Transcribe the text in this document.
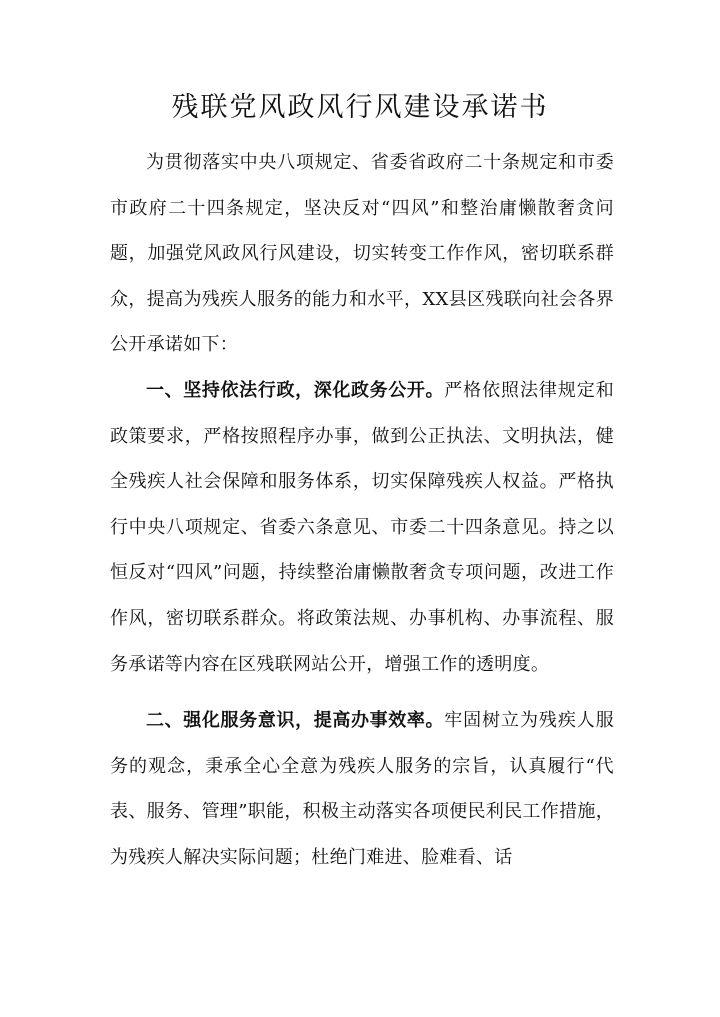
残联党风政风行风建设承诺书

为贯彻落实中央八项规定、省委省政府二十条规定和市委市政府二十四条规定，坚决反对“四风”和整治庸懒散奢贪问题，加强党风政风行风建设，切实转变工作作风，密切联系群众，提高为残疾人服务的能力和水平，XX县区残联向社会各界公开承诺如下：

一、坚持依法行政，深化政务公开。严格依照法律规定和政策要求，严格按照程序办事，做到公正执法、文明执法，健全残疾人社会保障和服务体系，切实保障残疾人权益。严格执行中央八项规定、省委六条意见、市委二十四条意见。持之以恒反对“四风”问题，持续整治庸懒散奢贪专项问题，改进工作作风，密切联系群众。将政策法规、办事机构、办事流程、服务承诺等内容在区残联网站公开，增强工作的透明度。

二、强化服务意识，提高办事效率。牢固树立为残疾人服务的观念，秉承全心全意为残疾人服务的宗旨，认真履行“代表、服务、管理”职能，积极主动落实各项便民利民工作措施，为残疾人解决实际问题；杜绝门难进、脸难看、话
